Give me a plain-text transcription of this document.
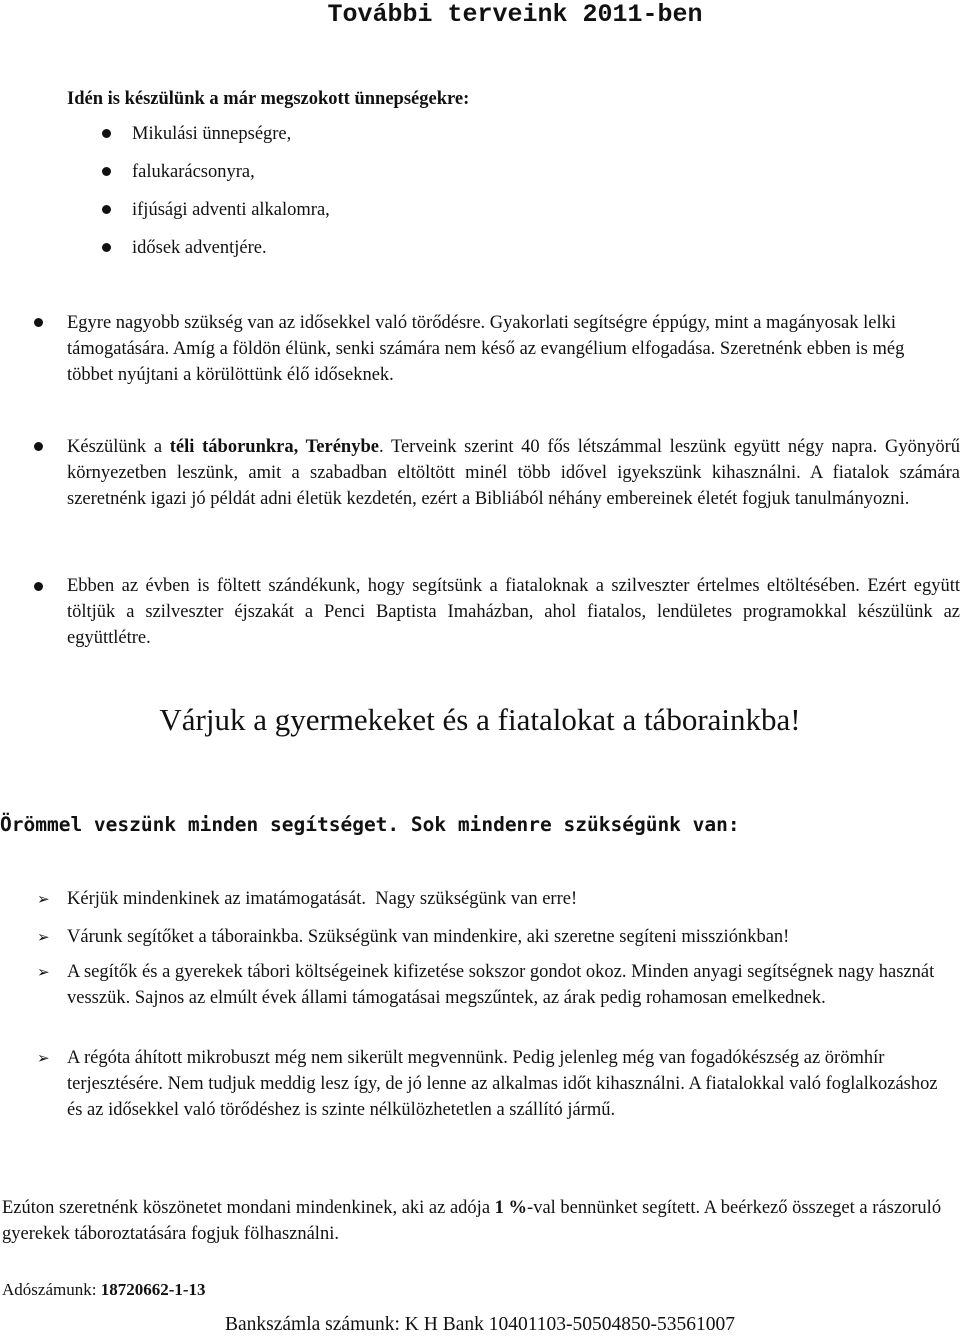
További terveink 2011-ben
Idén is készülünk a már megszokott ünnepségekre:
Mikulási ünnepségre,
falukarácsonyra,
ifjúsági adventi alkalomra,
idősek adventjére.
Egyre nagyobb szükség van az idősekkel való törődésre. Gyakorlati segítségre éppúgy, mint a magányosak lelki támogatására. Amíg a földön élünk, senki számára nem késő az evangélium elfogadása. Szeretnénk ebben is még többet nyújtani a körülöttünk élő időseknek.
Készülünk a téli táborunkra, Terénybe. Terveink szerint 40 fős létszámmal leszünk együtt négy napra. Gyönyörű környezetben leszünk, amit a szabadban eltöltött minél több idővel igyekszünk kihasználni. A fiatalok számára szeretnénk igazi jó példát adni életük kezdetén, ezért a Bibliából néhány embereinek életét fogjuk tanulmányozni.
Ebben az évben is föltett szándékunk, hogy segítsünk a fiataloknak a szilveszter értelmes eltöltésében. Ezért együtt töltjük a szilveszter éjszakát a Penci Baptista Imaházban, ahol fiatalos, lendületes programokkal készülünk az együttlétre.
Várjuk a gyermekeket és a fiatalokat a táborainkba!
Örömmel veszünk minden segítséget. Sok mindenre szükségünk van:
➢ Kérjük mindenkinek az imatámogatását.  Nagy szükségünk van erre!
➢ Várunk segítőket a táborainkba. Szükségünk van mindenkire, aki szeretne segíteni missziónkban!
➢ A segítők és a gyerekek tábori költségeinek kifizetése sokszor gondot okoz. Minden anyagi segítségnek nagy hasznát vesszük. Sajnos az elmúlt évek állami támogatásai megszűntek, az árak pedig rohamosan emelkednek.
➢ A régóta áhított mikrobuszt még nem sikerült megvennünk. Pedig jelenleg még van fogadókészség az örömhír terjesztésére. Nem tudjuk meddig lesz így, de jó lenne az alkalmas időt kihasználni. A fiatalokkal való foglalkozáshoz és az idősekkel való törődéshez is szinte nélkülözhetetlen a szállító jármű.
Ezúton szeretnénk köszönetet mondani mindenkinek, aki az adója 1 %-val bennünket segített. A beérkező összeget a rászoruló gyerekek táboroztatására fogjuk fölhasználni.
Adószámunk: 18720662-1-13
Bankszámla számunk: K H Bank 10401103-50504850-53561007
